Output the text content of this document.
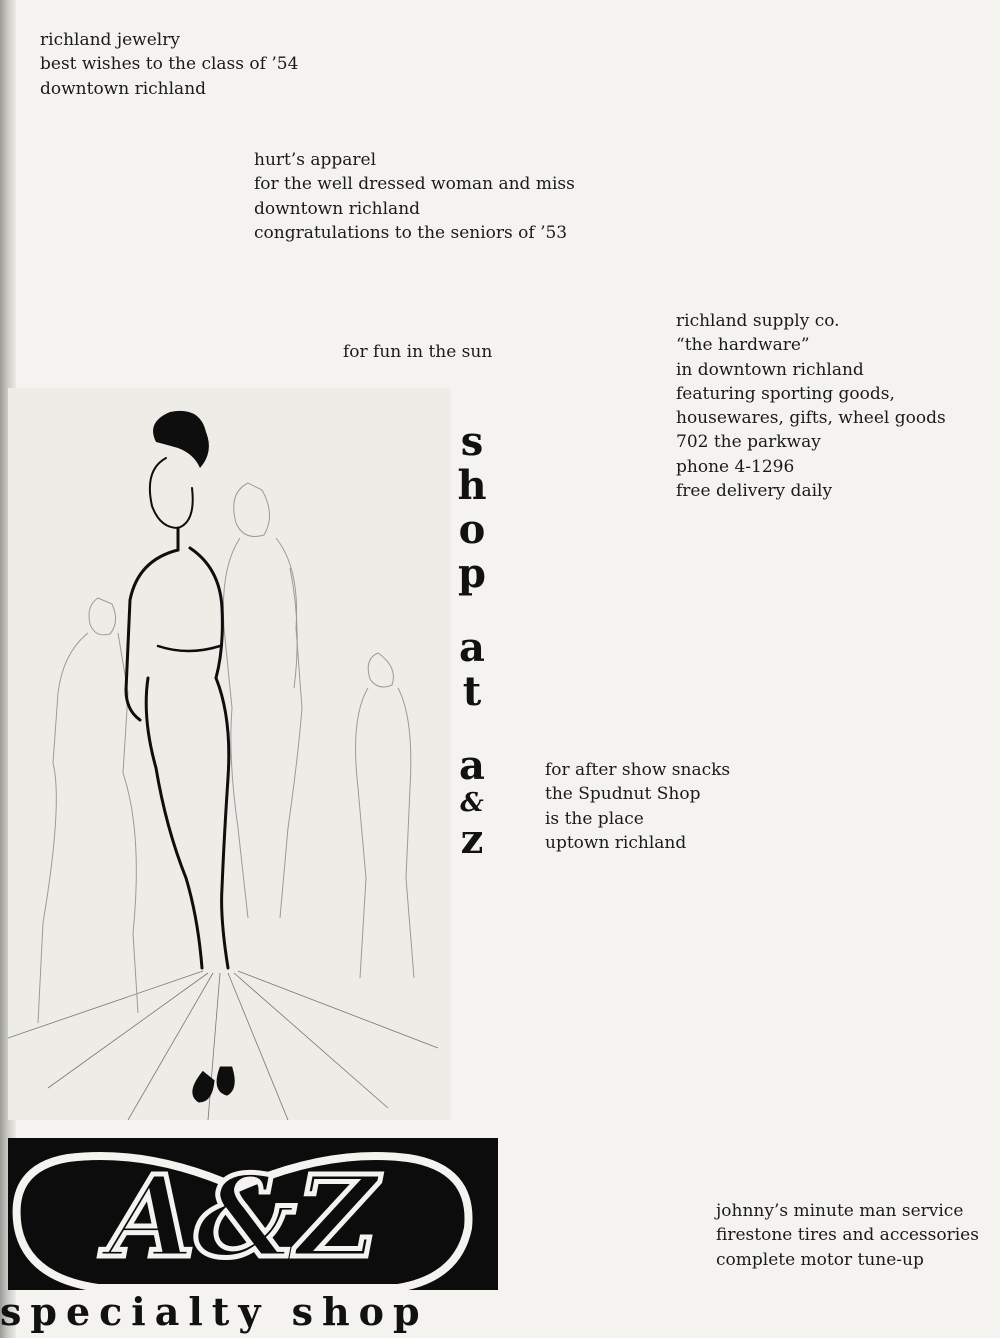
richland jewelry
best wishes to the class of ’54
downtown richland
hurt’s apparel
for the well dressed woman and miss
downtown richland
congratulations to the seniors of ’53
for fun in the sun
richland supply co.
“the hardware”
in downtown richland
featuring sporting goods,
housewares, gifts, wheel goods
702 the parkway
phone 4-1296
free delivery daily
s
h
o
p
a
t
a
&
z
for after show snacks
the Spudnut Shop
is the place
uptown richland
A&Z
specialty shop
johnny’s minute man service
firestone tires and accessories
complete motor tune-up
